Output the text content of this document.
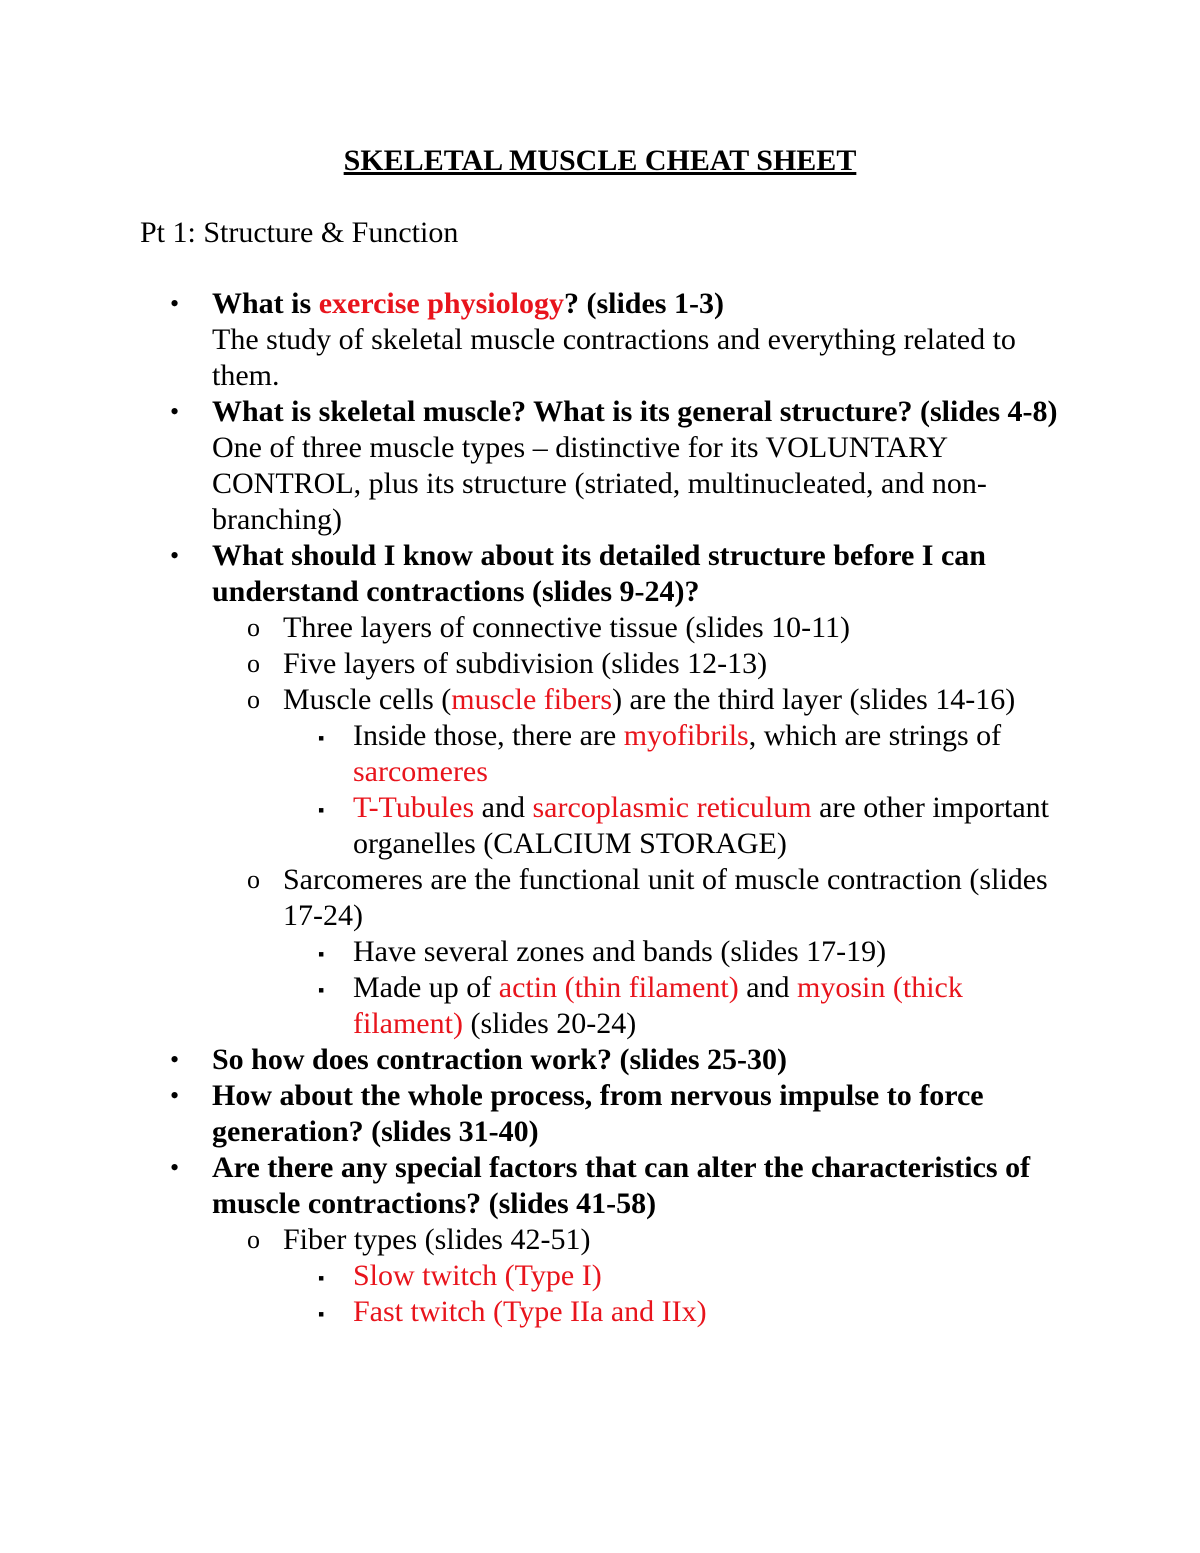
SKELETAL MUSCLE CHEAT SHEET
Pt 1: Structure & Function
• What is exercise physiology? (slides 1-3)
The study of skeletal muscle contractions and everything related to them.
• What is skeletal muscle? What is its general structure? (slides 4-8)
One of three muscle types – distinctive for its VOLUNTARY CONTROL, plus its structure (striated, multinucleated, and non-branching)
• What should I know about its detailed structure before I can understand contractions (slides 9-24)?
o Three layers of connective tissue (slides 10-11)
o Five layers of subdivision (slides 12-13)
o Muscle cells (muscle fibers) are the third layer (slides 14-16)
▪ Inside those, there are myofibrils, which are strings of sarcomeres
▪ T-Tubules and sarcoplasmic reticulum are other important organelles (CALCIUM STORAGE)
o Sarcomeres are the functional unit of muscle contraction (slides 17-24)
▪ Have several zones and bands (slides 17-19)
▪ Made up of actin (thin filament) and myosin (thick filament) (slides 20-24)
• So how does contraction work? (slides 25-30)
• How about the whole process, from nervous impulse to force generation? (slides 31-40)
• Are there any special factors that can alter the characteristics of muscle contractions? (slides 41-58)
o Fiber types (slides 42-51)
▪ Slow twitch (Type I)
▪ Fast twitch (Type IIa and IIx)
